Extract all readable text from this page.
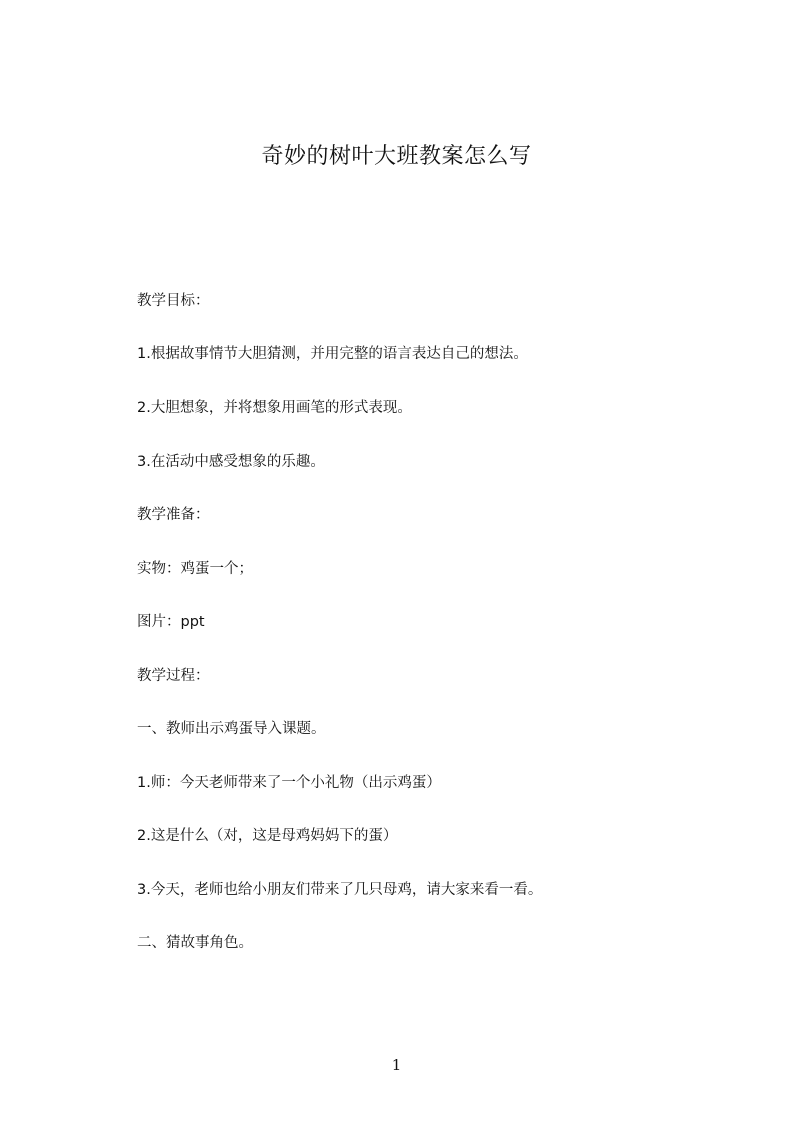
奇妙的树叶大班教案怎么写
教学目标：
1.根据故事情节大胆猜测，并用完整的语言表达自己的想法。
2.大胆想象，并将想象用画笔的形式表现。
3.在活动中感受想象的乐趣。
教学准备：
实物：鸡蛋一个；
图片：ppt
教学过程：
一、教师出示鸡蛋导入课题。
1.师：今天老师带来了一个小礼物（出示鸡蛋）
2.这是什么（对，这是母鸡妈妈下的蛋）
3.今天，老师也给小朋友们带来了几只母鸡，请大家来看一看。
二、猜故事角色。
1
